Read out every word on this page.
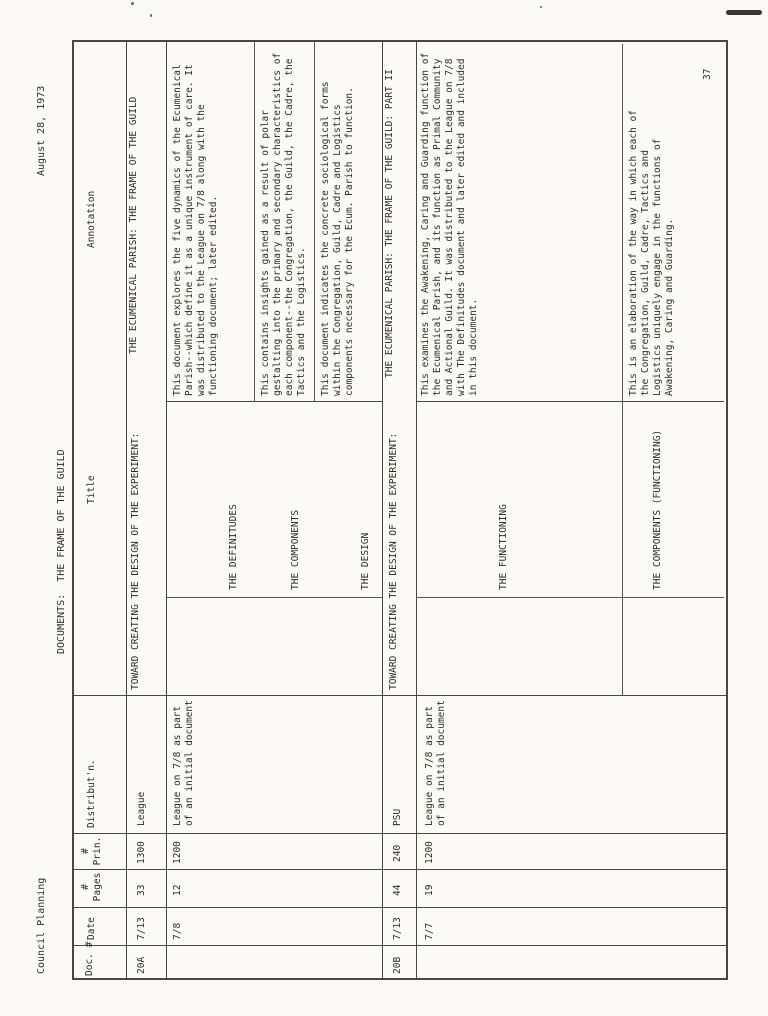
Council Planning
DOCUMENTS:  THE FRAME OF THE GUILD
August 28, 1973
Doc. #
Date
# Pages
# Prin.
Distribut'n.
Title
Annotation
20A
7/13
33
1300
League
TOWARD CREATING THE DESIGN OF THE EXPERIMENT:
THE ECUMENICAL PARISH: THE FRAME OF THE GUILD
7/8
12
1200
League on 7/8 as part of an initial document
THE DEFINITUDES
This document explores the five dynamics of the Ecumenical Parish--which define it as a unique instrument of care. It was distributed to the League on 7/8 along with the functioning document; later edited.
THE COMPONENTS
This contains insights gained as a result of polar gestalting into the primary and secondary characteristics of each component--the Congregation, the Guild, the Cadre, the Tactics and the Logistics.
THE DESIGN
This document indicates the concrete sociological forms within the Congregation, Guild, Cadre and Logistics components necessary for the Ecum. Parish to function.
20B
7/13
44
240
PSU
TOWARD CREATING THE DESIGN OF THE EXPERIMENT:
THE ECUMENICAL PARISH: THE FRAME OF THE GUILD: PART II
7/7
19
1200
League on 7/8 as part of an initial document
THE FUNCTIONING
This examines the Awakening, Caring and Guarding function of the Ecumenical Parish, and its function as Primal Community and Actional Guild. It was distributed to the League on 7/8 with The Definitudes document and later edited and included in this document.
THE COMPONENTS (FUNCTIONING)
This is an elaboration of the way in which each of the Congregation, Guild, Cadre, Tactics and Logistics uniquely engage in the functions of Awakening, Caring and Guarding.
37
